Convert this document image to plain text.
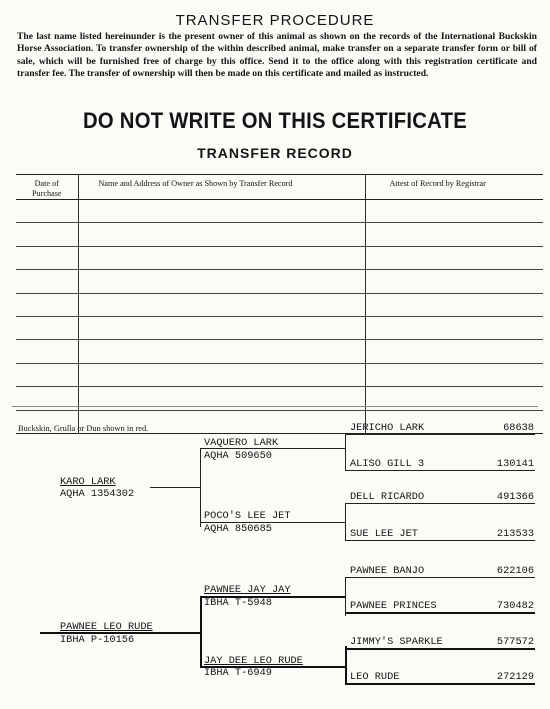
TRANSFER PROCEDURE

The last name listed hereinunder is the present owner of this animal as shown on the records of the International Buckskin Horse Association. To transfer ownership of the within described animal, make transfer on a separate transfer form or bill of sale, which will be furnished free of charge by this office. Send it to the office along with this registration certificate and transfer fee. The transfer of ownership will then be made on this certificate and mailed as instructed.

DO NOT WRITE ON THIS CERTIFICATE
TRANSFER RECORD
Date of Purchase	Name and Address of Owner as Shown by Transfer Record	Attest of Record by Registrar

Buckskin, Grulla or Dun shown in red.
KARO LARK
AQHA 1354302
VAQUERO LARK
AQHA 509650
POCO'S LEE JET
AQHA 850685
PAWNEE LEO RUDE
IBHA P-10156
PAWNEE JAY JAY
IBHA T-5948
JAY DEE LEO RUDE
IBHA T-6949
JERICHO LARK	68638
ALISO GILL 3	130141
DELL RICARDO	491366
SUE LEE JET	213533
PAWNEE BANJO	622106
PAWNEE PRINCES	730482
JIMMY'S SPARKLE	577572
LEO RUDE	272129
